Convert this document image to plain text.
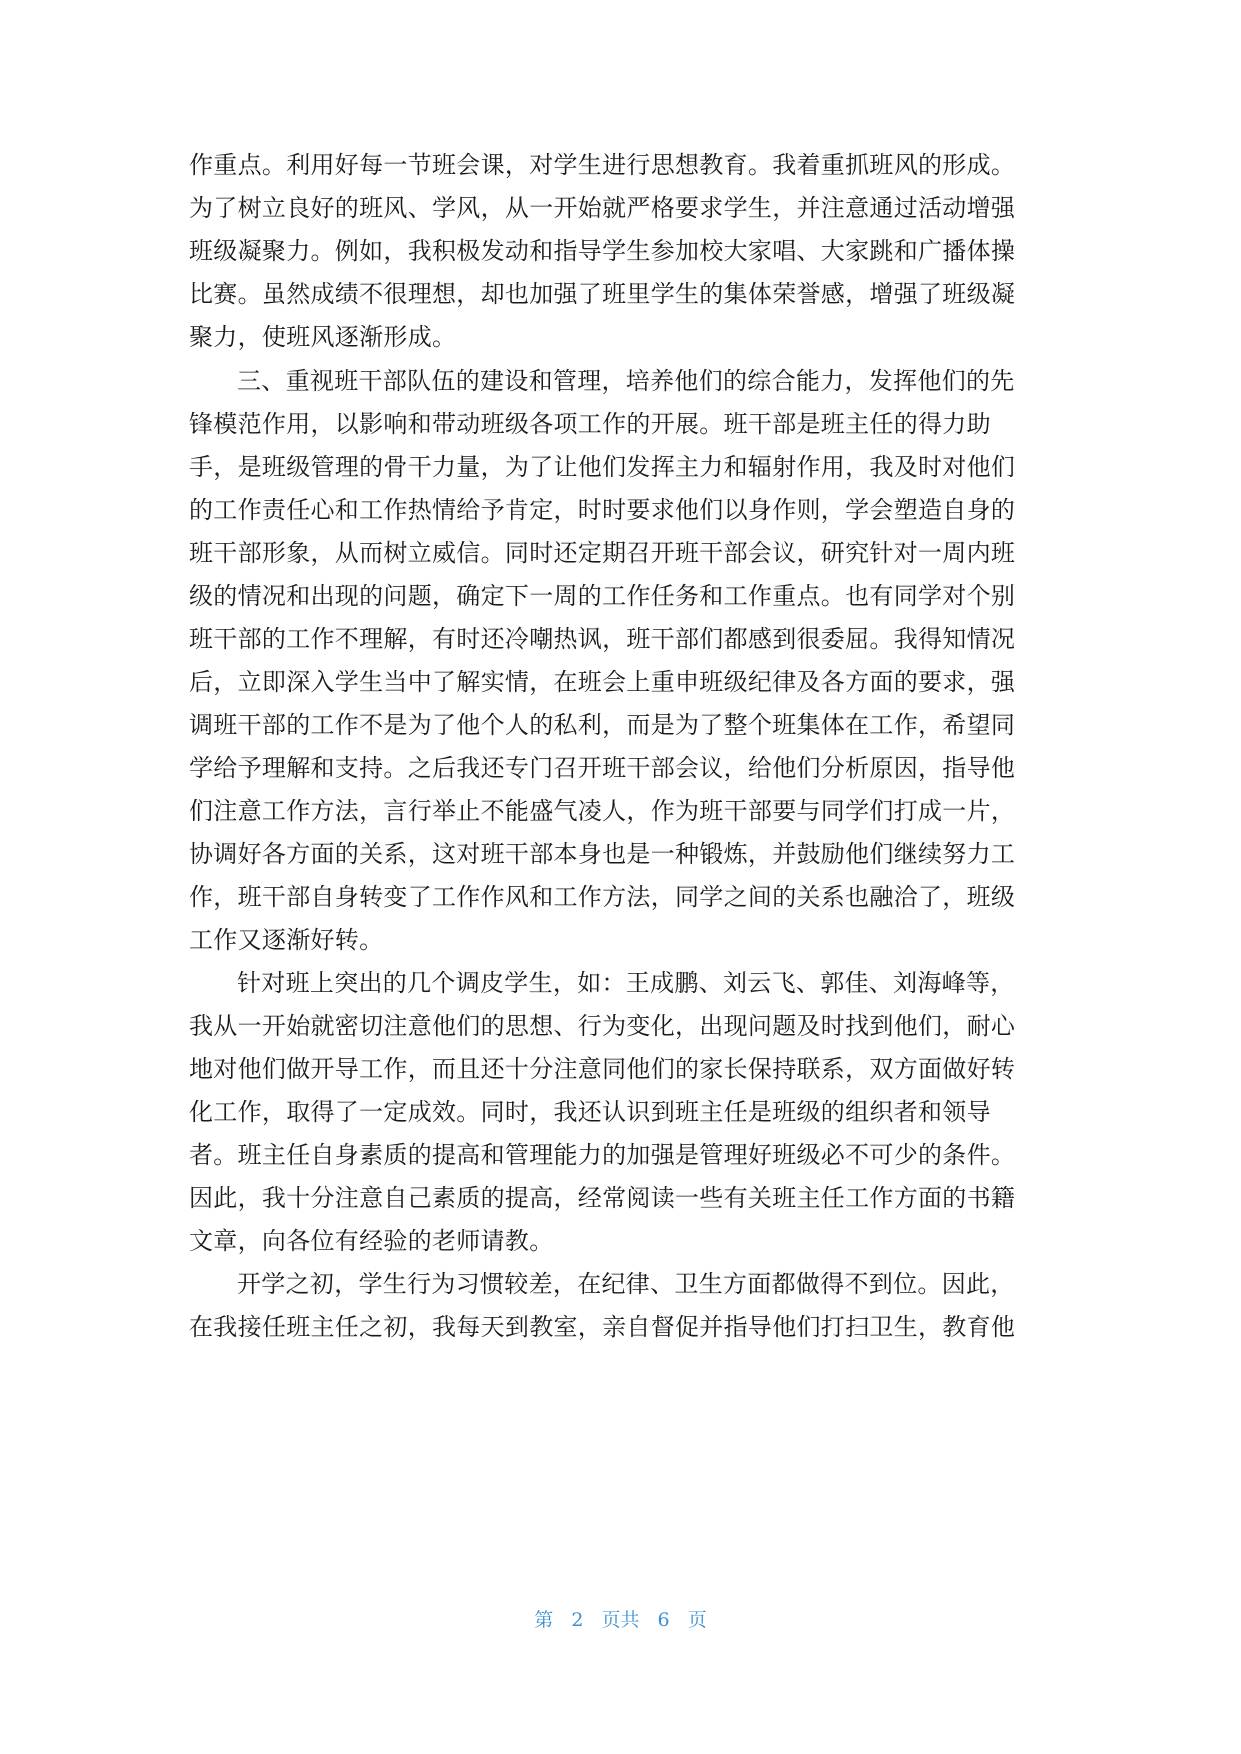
作重点。利用好每一节班会课，对学生进行思想教育。我着重抓班风的形成。
为了树立良好的班风、学风，从一开始就严格要求学生，并注意通过活动增强
班级凝聚力。例如，我积极发动和指导学生参加校大家唱、大家跳和广播体操
比赛。虽然成绩不很理想，却也加强了班里学生的集体荣誉感，增强了班级凝
聚力，使班风逐渐形成。
三、重视班干部队伍的建设和管理，培养他们的综合能力，发挥他们的先
锋模范作用，以影响和带动班级各项工作的开展。班干部是班主任的得力助
手，是班级管理的骨干力量，为了让他们发挥主力和辐射作用，我及时对他们
的工作责任心和工作热情给予肯定，时时要求他们以身作则，学会塑造自身的
班干部形象，从而树立威信。同时还定期召开班干部会议，研究针对一周内班
级的情况和出现的问题，确定下一周的工作任务和工作重点。也有同学对个别
班干部的工作不理解，有时还冷嘲热讽，班干部们都感到很委屈。我得知情况
后，立即深入学生当中了解实情，在班会上重申班级纪律及各方面的要求，强
调班干部的工作不是为了他个人的私利，而是为了整个班集体在工作，希望同
学给予理解和支持。之后我还专门召开班干部会议，给他们分析原因，指导他
们注意工作方法，言行举止不能盛气凌人，作为班干部要与同学们打成一片，
协调好各方面的关系，这对班干部本身也是一种锻炼，并鼓励他们继续努力工
作，班干部自身转变了工作作风和工作方法，同学之间的关系也融洽了，班级
工作又逐渐好转。
针对班上突出的几个调皮学生，如：王成鹏、刘云飞、郭佳、刘海峰等，
我从一开始就密切注意他们的思想、行为变化，出现问题及时找到他们，耐心
地对他们做开导工作，而且还十分注意同他们的家长保持联系，双方面做好转
化工作，取得了一定成效。同时，我还认识到班主任是班级的组织者和领导
者。班主任自身素质的提高和管理能力的加强是管理好班级必不可少的条件。
因此，我十分注意自己素质的提高，经常阅读一些有关班主任工作方面的书籍
文章，向各位有经验的老师请教。
开学之初，学生行为习惯较差，在纪律、卫生方面都做得不到位。因此，
在我接任班主任之初，我每天到教室，亲自督促并指导他们打扫卫生，教育他
第 2 页共 6 页
